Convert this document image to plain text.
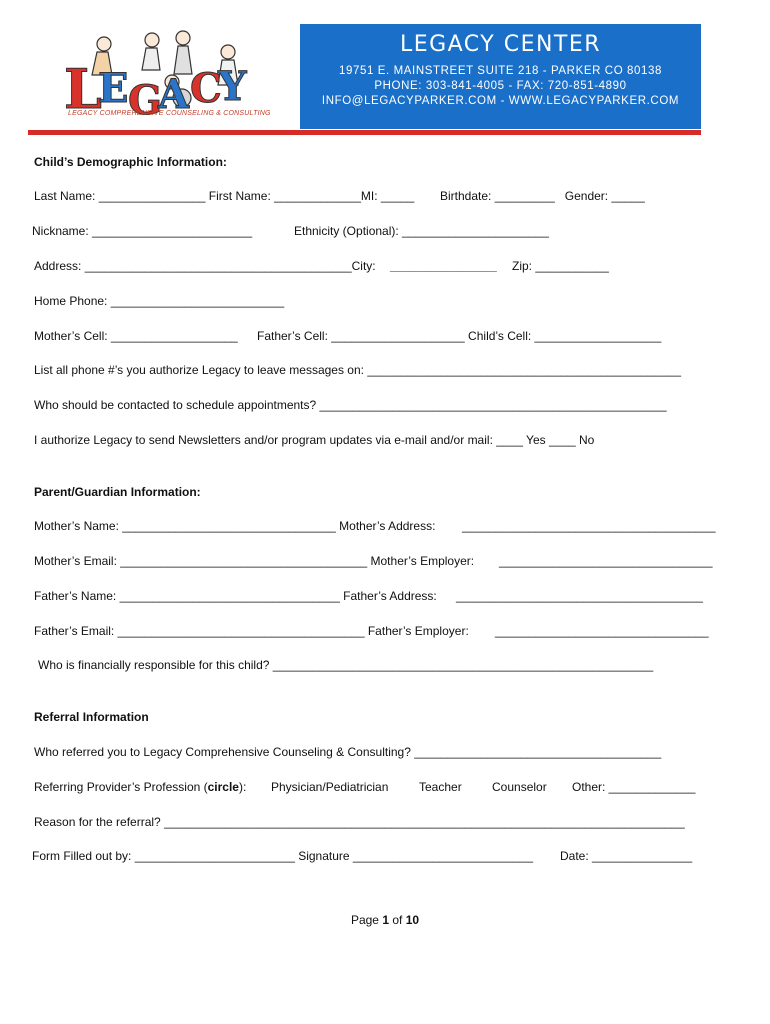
L
E G
A C
Y
LEGACY COMPREHENSIVE COUNSELING & CONSULTING
LEGACY CENTER
19751 E. MAINSTREET SUITE 218 - PARKER CO 80138
PHONE: 303-841-4005 - FAX: 720-851-4890
INFO@LEGACYPARKER.COM - WWW.LEGACYPARKER.COM
Child’s Demographic Information:
Last Name: ________________ First Name: _____________MI: _____ Birthdate: _________   Gender: _____
Nickname: ________________________	Ethnicity (Optional): ______________________
Address: ________________________________________City: ________________ Zip: ___________
Home Phone: __________________________
Mother’s Cell: ___________________ Father’s Cell: ____________________ Child’s Cell: ___________________
List all phone #’s you authorize Legacy to leave messages on: _______________________________________________
Who should be contacted to schedule appointments? ____________________________________________________
I authorize Legacy to send Newsletters and/or program updates via e-mail and/or mail: ____ Yes ____ No
Parent/Guardian Information:
Mother’s Name: ________________________________ Mother’s Address: ______________________________________
Mother’s Email: _____________________________________ Mother’s Employer: ________________________________
Father’s Name: _________________________________ Father’s Address: _____________________________________
Father’s Email: _____________________________________ Father’s Employer: ________________________________
Who is financially responsible for this child? _________________________________________________________
Referral Information
Who referred you to Legacy Comprehensive Counseling & Consulting? _____________________________________
Referring Provider’s Profession (circle): Physician/Pediatrician	Teacher	Counselor Other: _____________
Reason for the referral? ______________________________________________________________________________
Form Filled out by: ________________________ Signature ___________________________ Date: _______________
Page 1 of 10
